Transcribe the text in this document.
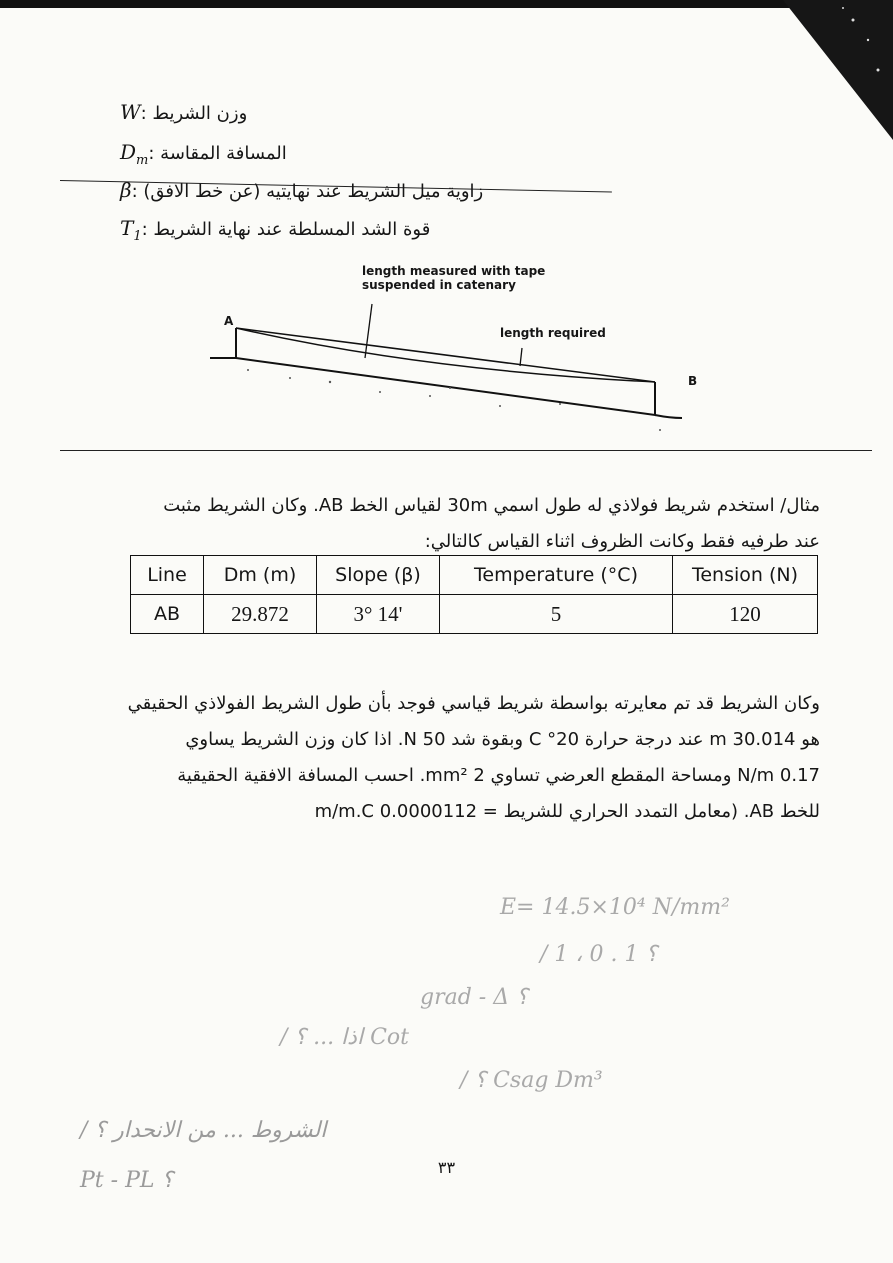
W: وزن الشريط
$D_m$: المسافة المقاسة
β: زاوية ميل الشريط عند نهايتيه (عن خط الافق)
$T_1$: قوة الشد المسلطة عند نهاية الشريط
length measured with tape
suspended in catenary
length required
A
B
مثال/ استخدم شريط فولاذي له طول اسمي 30m لقياس الخط AB. وكان الشريط مثبت
عند طرفيه فقط وكانت الظروف اثناء القياس كالتالي:
Line	Dm (m)	Slope (β)	Temperature (°C)	Tension (N)
AB	29.872	3° 14'	5	120
وكان الشريط قد تم معايرته بواسطة شريط قياسي فوجد بأن طول الشريط الفولاذي الحقيقي
هو 30.014 m عند درجة حرارة 20° C وبقوة شد 50 N. اذا كان وزن الشريط يساوي
0.17 N/m ومساحة المقطع العرضي تساوي 2 mm². احسب المسافة الافقية الحقيقية
للخط AB. (معامل التمدد الحراري للشريط = 0.0000112 m/m.C
E= 14.5×10⁴ N/mm²
/ 1 ، 0 . 1 ؟
grad - Δ ؟
/ اذا ... ؟ Cot
/ ؟ Csag Dm³
/ الشروط ... من الانحدار ؟
Pt - PL ؟
٣٣
